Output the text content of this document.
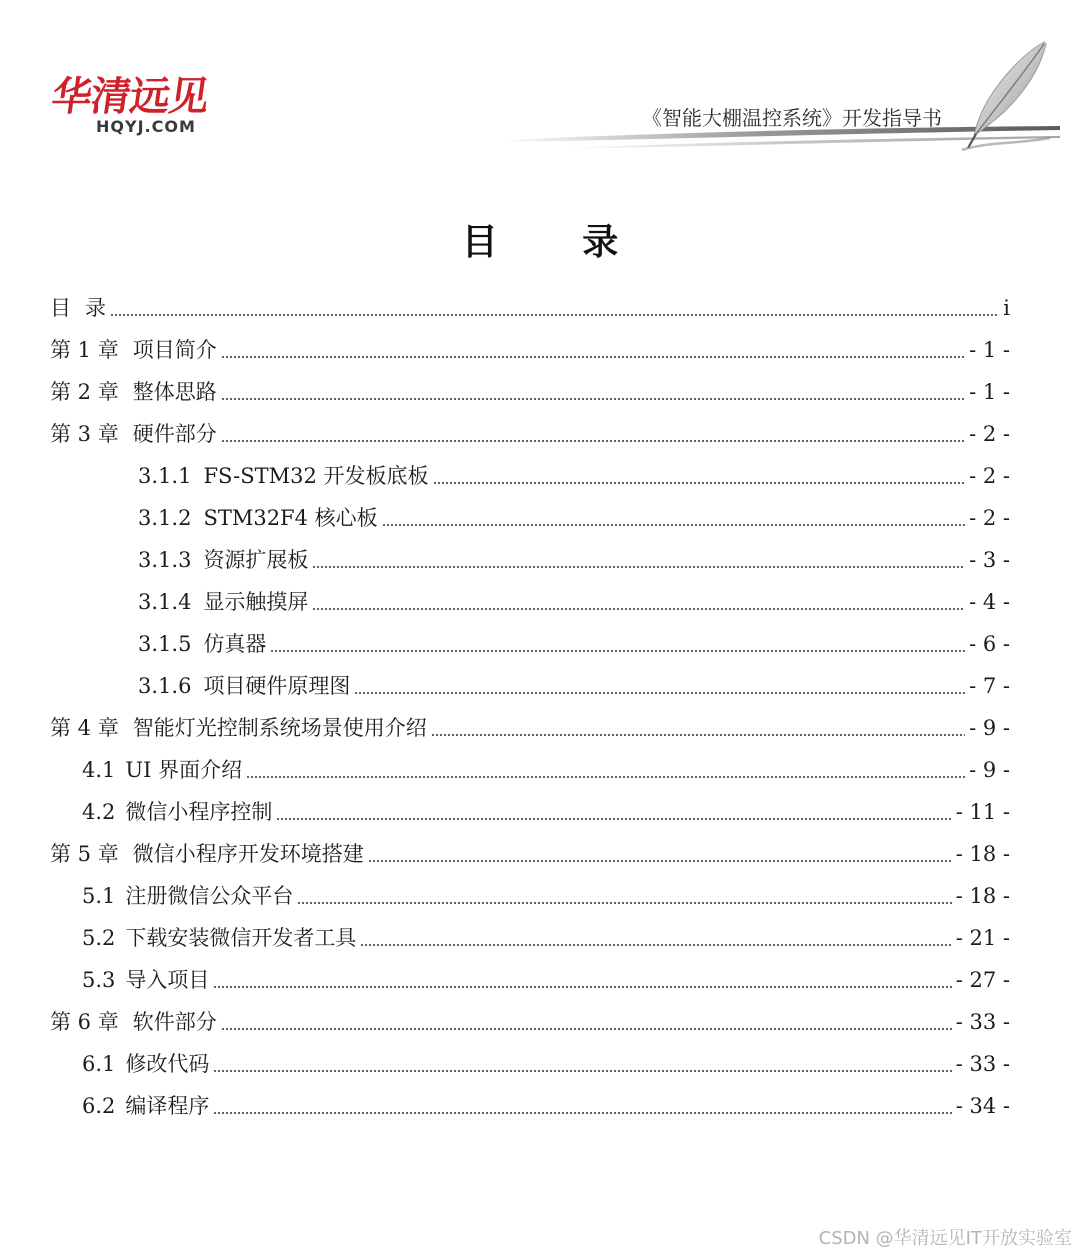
华清远见
HQYJ.COM	《智能大棚温控系统》开发指导书
目 录
目 录	i
第 1 章 项目简介	- 1 -
第 2 章 整体思路	- 1 -
第 3 章 硬件部分	- 2 -
3.1.1 FS-STM32 开发板底板	- 2 -
3.1.2 STM32F4 核心板	- 2 -
3.1.3 资源扩展板	- 3 -
3.1.4 显示触摸屏	- 4 -
3.1.5 仿真器	- 6 -
3.1.6 项目硬件原理图	- 7 -
第 4 章 智能灯光控制系统场景使用介绍	- 9 -
4.1 UI 界面介绍	- 9 -
4.2 微信小程序控制	- 11 -
第 5 章 微信小程序开发环境搭建	- 18 -
5.1 注册微信公众平台	- 18 -
5.2 下载安装微信开发者工具	- 21 -
5.3 导入项目	- 27 -
第 6 章 软件部分	- 33 -
6.1 修改代码	- 33 -
6.2 编译程序	- 34 -
CSDN @华清远见IT开放实验室
